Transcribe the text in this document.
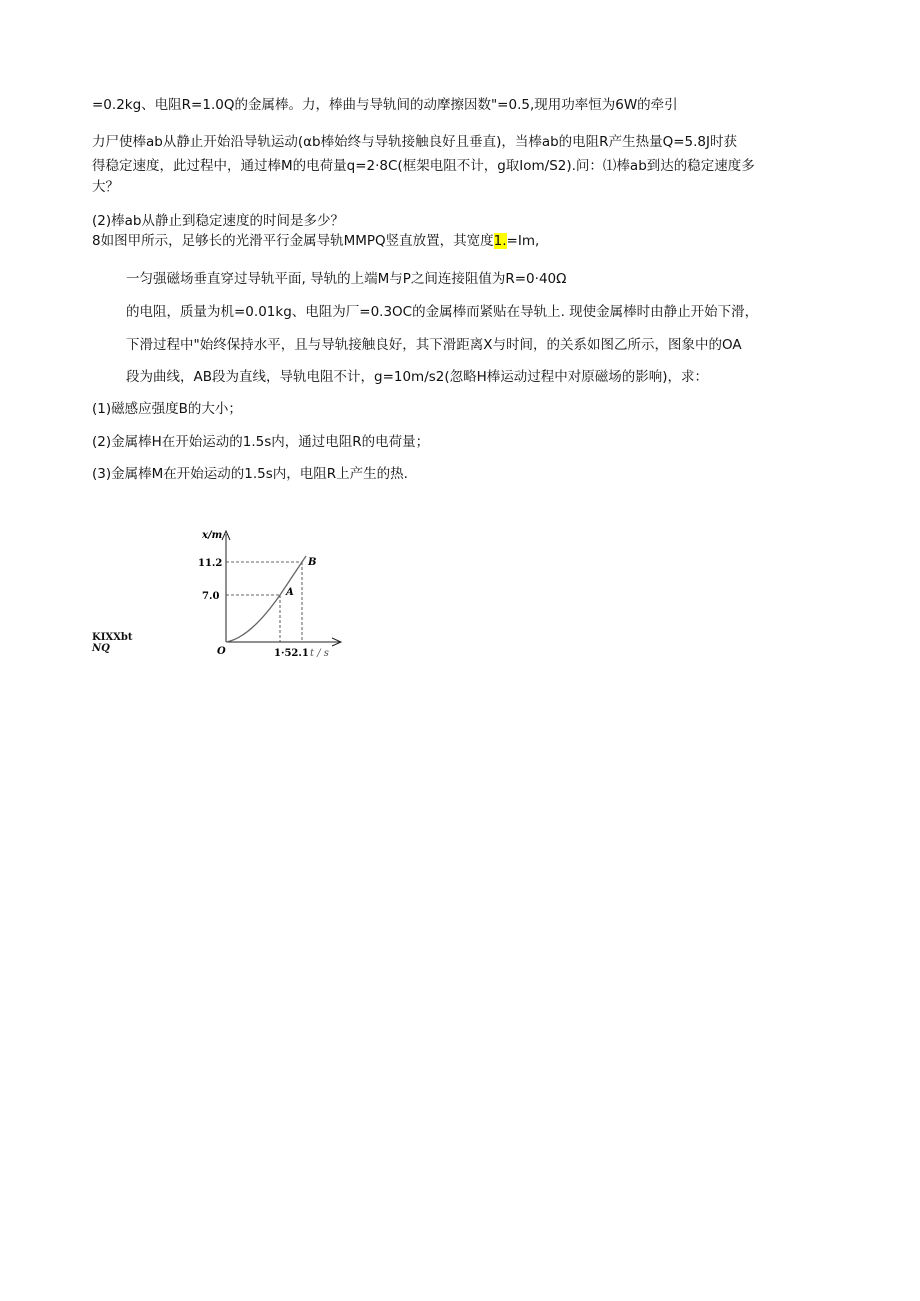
=0.2kg、电阻R=1.0Q的金属棒。力，棒曲与导轨间的动摩擦因数"=0.5,现用功率恒为6W的牵引
力尸使棒ab从静止开始沿导轨运动(αb棒始终与导轨接触良好且垂直)，当棒ab的电阻R产生热量Q=5.8J时获
得稳定速度，此过程中，通过棒M的电荷量q=2·8C(框架电阻不计，g取Iom/S2).问：⑴棒ab到达的稳定速度多
大？
(2)棒ab从静止到稳定速度的时间是多少？
8如图甲所示，足够长的光滑平行金属导轨MMPQ竖直放置，其宽度1.=Im,
一匀强磁场垂直穿过导轨平面, 导轨的上端M与P之间连接阻值为R=0·40Ω
的电阻，质量为机=0.01kg、电阻为厂=0.3OC的金属棒而紧贴在导轨上. 现使金属棒时由静止开始下滑，
下滑过程中"始终保持水平，且与导轨接触良好，其下滑距离X与时间，的关系如图乙所示，图象中的OA
段为曲线，AB段为直线，导轨电阻不计，g=10m∕s2(忽略H棒运动过程中对原磁场的影响)，求：
(1)磁感应强度B的大小；
(2)金属棒H在开始运动的1.5s内，通过电阻R的电荷量；
(3)金属棒M在开始运动的1.5s内，电阻R上产生的热.
KIXXbt
NQ
x/m
11.2
7.0
O
A
B
1·52.1 t / s
